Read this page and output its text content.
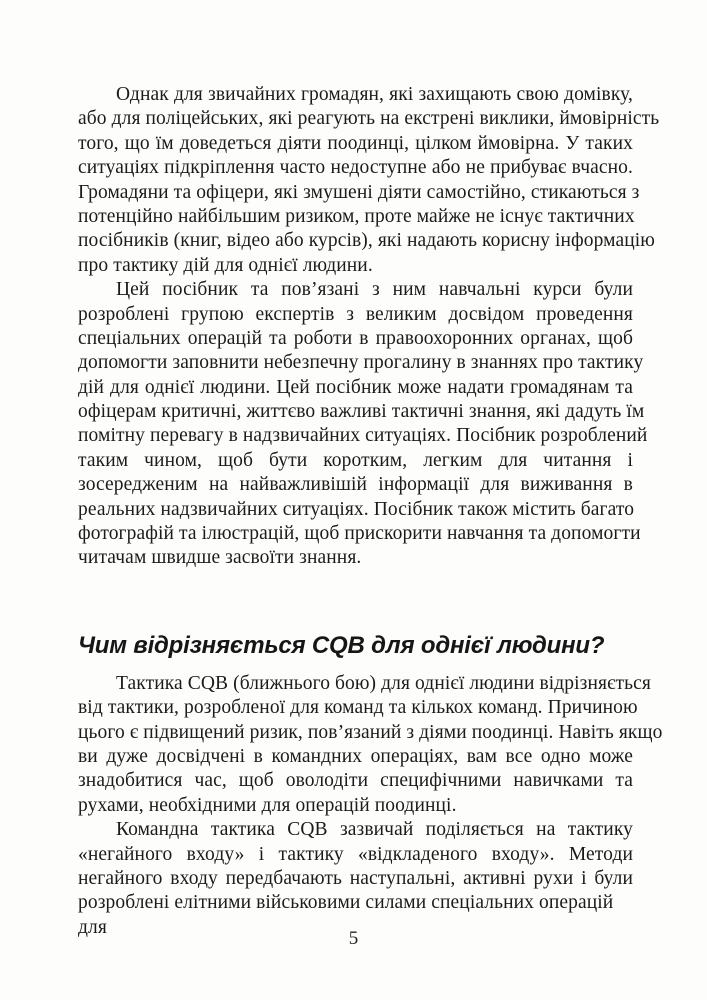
Однак для звичайних громадян, які захищають свою домівку,
або для поліцейських, які реагують на екстрені виклики, ймовірність
того, що їм доведеться діяти поодинці, цілком ймовірна. У таких
ситуаціях підкріплення часто недоступне або не прибуває вчасно.
Громадяни та офіцери, які змушені діяти самостійно, стикаються з
потенційно найбільшим ризиком, проте майже не існує тактичних
посібників (книг, відео або курсів), які надають корисну інформацію
про тактику дій для однієї людини.
Цей посібник та пов’язані з ним навчальні курси були
розроблені групою експертів з великим досвідом проведення
спеціальних операцій та роботи в правоохоронних органах, щоб
допомогти заповнити небезпечну прогалину в знаннях про тактику
дій для однієї людини. Цей посібник може надати громадянам та
офіцерам критичні, життєво важливі тактичні знання, які дадуть їм
помітну перевагу в надзвичайних ситуаціях. Посібник розроблений
таким чином, щоб бути коротким, легким для читання і
зосередженим на найважливішій інформації для виживання в
реальних надзвичайних ситуаціях. Посібник також містить багато
фотографій та ілюстрацій, щоб прискорити навчання та допомогти
читачам швидше засвоїти знання.
Чим відрізняється CQB для однієї людини?
Тактика CQB (ближнього бою) для однієї людини відрізняється
від тактики, розробленої для команд та кількох команд. Причиною
цього є підвищений ризик, пов’язаний з діями поодинці. Навіть якщо
ви дуже досвідчені в командних операціях, вам все одно може
знадобитися час, щоб оволодіти специфічними навичками та
рухами, необхідними для операцій поодинці.
Командна тактика CQB зазвичай поділяється на тактику
«негайного входу» і тактику «відкладеного входу». Методи
негайного входу передбачають наступальні, активні рухи і були
розроблені елітними військовими силами спеціальних операцій для
5
